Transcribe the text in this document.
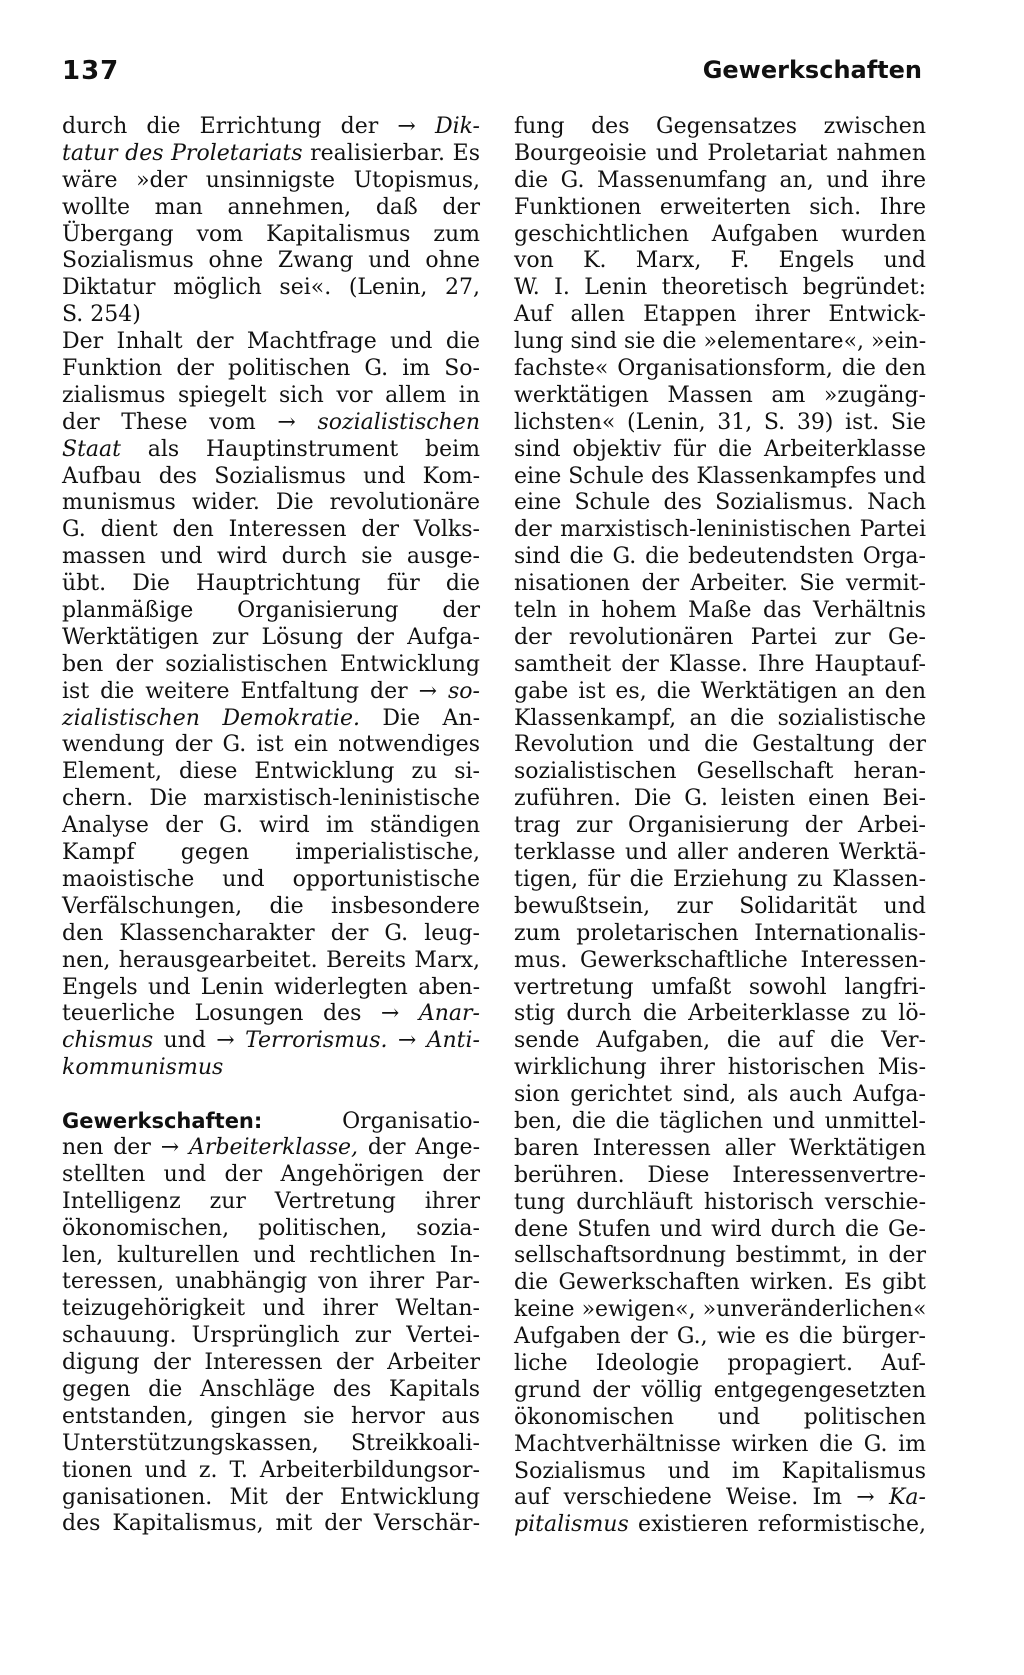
137	Gewerkschaften
durch die Errichtung der → Dik-
tatur des Proletariats realisierbar. Es
wäre »der unsinnigste Utopismus,
wollte man annehmen, daß der
Übergang vom Kapitalismus zum
Sozialismus ohne Zwang und ohne
Diktatur möglich sei«. (Lenin, 27,
S. 254)
Der Inhalt der Machtfrage und die
Funktion der politischen G. im So-
zialismus spiegelt sich vor allem in
der These vom → sozialistischen
Staat als Hauptinstrument beim
Aufbau des Sozialismus und Kom-
munismus wider. Die revolutionäre
G. dient den Interessen der Volks-
massen und wird durch sie ausge-
übt. Die Hauptrichtung für die
planmäßige Organisierung der
Werktätigen zur Lösung der Aufga-
ben der sozialistischen Entwicklung
ist die weitere Entfaltung der → so-
zialistischen Demokratie. Die An-
wendung der G. ist ein notwendiges
Element, diese Entwicklung zu si-
chern. Die marxistisch-leninistische
Analyse der G. wird im ständigen
Kampf gegen imperialistische,
maoistische und opportunistische
Verfälschungen, die insbesondere
den Klassencharakter der G. leug-
nen, herausgearbeitet. Bereits Marx,
Engels und Lenin widerlegten aben-
teuerliche Losungen des → Anar-
chismus und → Terrorismus. → Anti-
kommunismus
Gewerkschaften: Organisatio-
nen der → Arbeiterklasse, der Ange-
stellten und der Angehörigen der
Intelligenz zur Vertretung ihrer
ökonomischen, politischen, sozia-
len, kulturellen und rechtlichen In-
teressen, unabhängig von ihrer Par-
teizugehörigkeit und ihrer Weltan-
schauung. Ursprünglich zur Vertei-
digung der Interessen der Arbeiter
gegen die Anschläge des Kapitals
entstanden, gingen sie hervor aus
Unterstützungskassen, Streikkoali-
tionen und z. T. Arbeiterbildungsor-
ganisationen. Mit der Entwicklung
des Kapitalismus, mit der Verschär-
fung des Gegensatzes zwischen
Bourgeoisie und Proletariat nahmen
die G. Massenumfang an, und ihre
Funktionen erweiterten sich. Ihre
geschichtlichen Aufgaben wurden
von K. Marx, F. Engels und
W. I. Lenin theoretisch begründet:
Auf allen Etappen ihrer Entwick-
lung sind sie die »elementare«, »ein-
fachste« Organisationsform, die den
werktätigen Massen am »zugäng-
lichsten« (Lenin, 31, S. 39) ist. Sie
sind objektiv für die Arbeiterklasse
eine Schule des Klassenkampfes und
eine Schule des Sozialismus. Nach
der marxistisch-leninistischen Partei
sind die G. die bedeutendsten Orga-
nisationen der Arbeiter. Sie vermit-
teln in hohem Maße das Verhältnis
der revolutionären Partei zur Ge-
samtheit der Klasse. Ihre Hauptauf-
gabe ist es, die Werktätigen an den
Klassenkampf, an die sozialistische
Revolution und die Gestaltung der
sozialistischen Gesellschaft heran-
zuführen. Die G. leisten einen Bei-
trag zur Organisierung der Arbei-
terklasse und aller anderen Werktä-
tigen, für die Erziehung zu Klassen-
bewußtsein, zur Solidarität und
zum proletarischen Internationalis-
mus. Gewerkschaftliche Interessen-
vertretung umfaßt sowohl langfri-
stig durch die Arbeiterklasse zu lö-
sende Aufgaben, die auf die Ver-
wirklichung ihrer historischen Mis-
sion gerichtet sind, als auch Aufga-
ben, die die täglichen und unmittel-
baren Interessen aller Werktätigen
berühren. Diese Interessenvertre-
tung durchläuft historisch verschie-
dene Stufen und wird durch die Ge-
sellschaftsordnung bestimmt, in der
die Gewerkschaften wirken. Es gibt
keine »ewigen«, »unveränderlichen«
Aufgaben der G., wie es die bürger-
liche Ideologie propagiert. Auf-
grund der völlig entgegengesetzten
ökonomischen und politischen
Machtverhältnisse wirken die G. im
Sozialismus und im Kapitalismus
auf verschiedene Weise. Im → Ka-
pitalismus existieren reformistische,
